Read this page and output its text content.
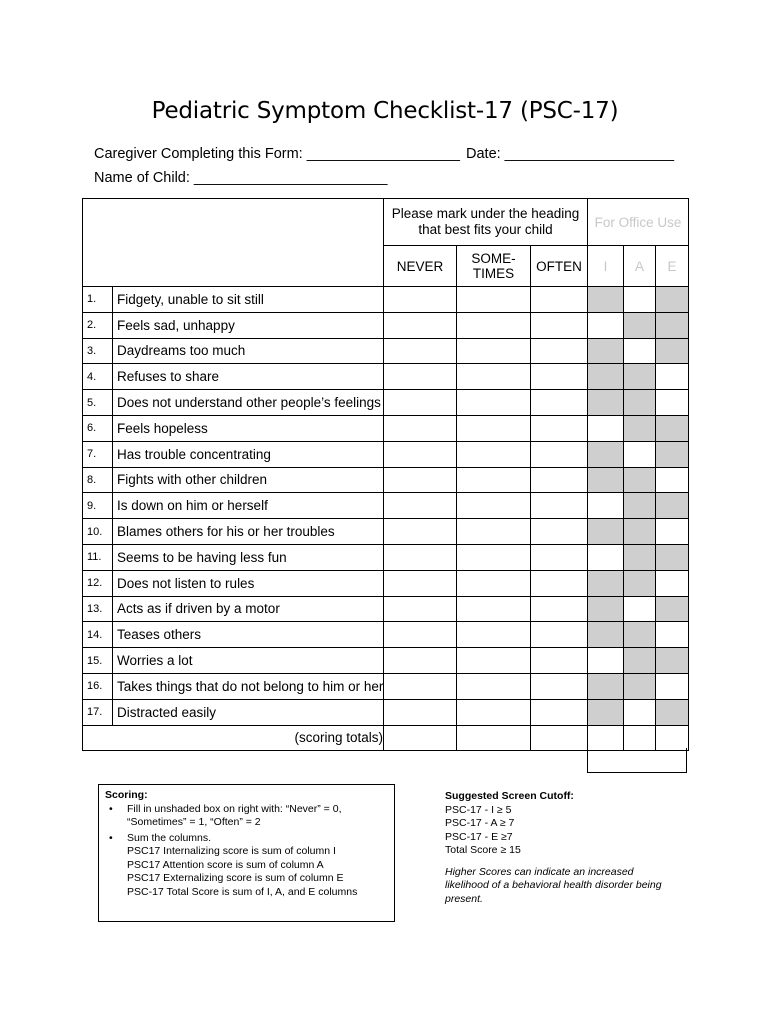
Pediatric Symptom Checklist-17 (PSC-17)
Caregiver Completing this Form: ___________________ Date: _____________________
Name of Child: ________________________
		Please mark under the heading that best fits your child			For Office Use		
		NEVER	SOME-
TIMES	OFTEN	I	A	E
1.	Fidgety, unable to sit still						
2.	Feels sad, unhappy						
3.	Daydreams too much						
4.	Refuses to share						
5.	Does not understand other people’s feelings						
6.	Feels hopeless						
7.	Has trouble concentrating						
8.	Fights with other children						
9.	Is down on him or herself						
10.	Blames others for his or her troubles						
11.	Seems to be having less fun						
12.	Does not listen to rules						
13.	Acts as if driven by a motor						
14.	Teases others						
15.	Worries a lot						
16.	Takes things that do not belong to him or her						
17.	Distracted easily						
(scoring totals)							
Scoring:
• Fill in unshaded box on right with: “Never” = 0,
“Sometimes” = 1, “Often” = 2
• Sum the columns.
PSC17 Internalizing score is sum of column I
PSC17 Attention score is sum of column A
PSC17 Externalizing score is sum of column E
PSC-17 Total Score is sum of I, A, and E columns
Suggested Screen Cutoff:
PSC-17 - I ≥ 5
PSC-17 - A ≥ 7
PSC-17 - E ≥7
Total Score ≥ 15
Higher Scores can indicate an increased likelihood of a behavioral health disorder being present.
